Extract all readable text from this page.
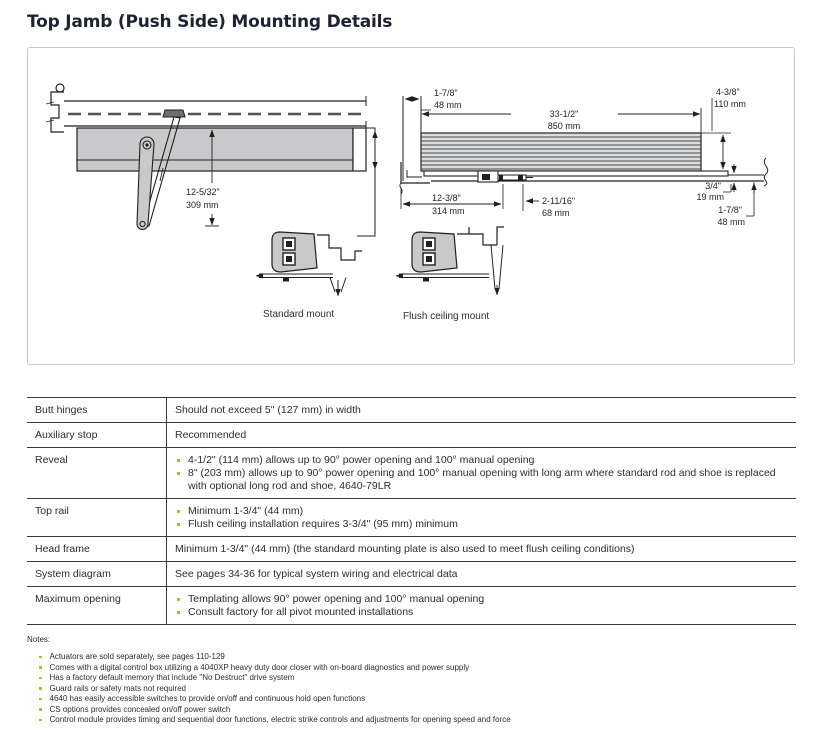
Top Jamb (Push Side) Mounting Details
12-5/32"
309 mm
1-7/8"
48 mm
33-1/2"
850 mm
4-3/8"
110 mm
12-3/8"
314 mm
2-11/16"
68 mm
3/4"
19 mm
1-7/8"
48 mm
Standard mount	Flush ceiling mount
Butt hinges	Should not exceed 5" (127 mm) in width
Auxiliary stop	Recommended
Reveal	4-1/2" (114 mm) allows up to 90° power opening and 100° manual opening
8" (203 mm) allows up to 90° power opening and 100° manual opening with long arm where standard rod and shoe is replaced with optional long rod and shoe, 4640-79LR
Top rail	Minimum 1-3/4" (44 mm)
Flush ceiling installation requires 3-3/4" (95 mm) minimum
Head frame	Minimum 1-3/4" (44 mm) (the standard mounting plate is also used to meet flush ceiling conditions)
System diagram	See pages 34-36 for typical system wiring and electrical data
Maximum opening	Templating allows 90° power opening and 100° manual opening
Consult factory for all pivot mounted installations
Notes:
Actuators are sold separately, see pages 110-129
Comes with a digital control box utilizing a 4040XP heavy duty door closer with on-board diagnostics and power supply
Has a factory default memory that include "No Destruct" drive system
Guard rails or safety mats not required
4640 has easily accessible switches to provide on/off and continuous hold open functions
CS options provides concealed on/off power switch
Control module provides timing and sequential door functions, electric strike controls and adjustments for opening speed and force
